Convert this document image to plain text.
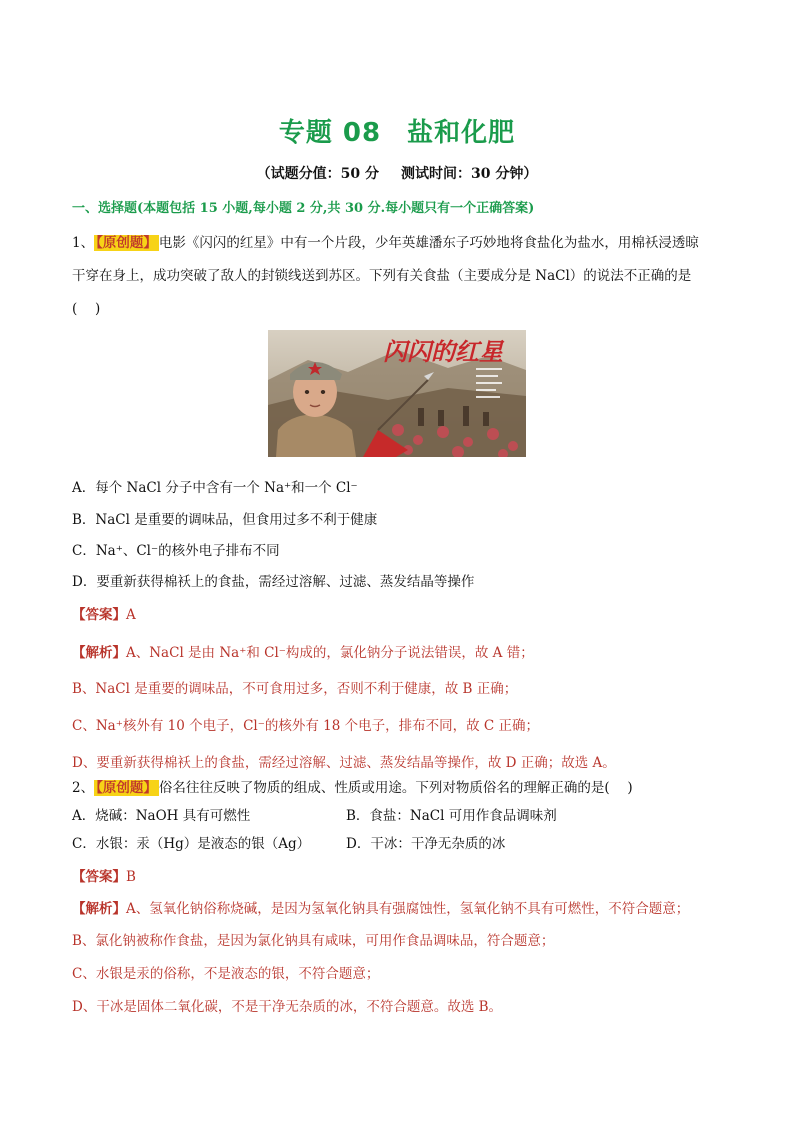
专题 08 盐和化肥
（试题分值：50 分 测试时间：30 分钟）
一、选择题(本题包括 15 小题,每小题 2 分,共 30 分.每小题只有一个正确答案)
1、 【原创题】 电影《闪闪的红星》中有一个片段，少年英雄潘东子巧妙地将食盐化为盐水，用棉袄浸透晾
干穿在身上，成功突破了敌人的封锁线送到苏区。下列有关食盐（主要成分是 NaCl）的说法不正确的是
(　 )
闪闪的红星
A．每个 NaCl 分子中含有一个 Na⁺和一个 Cl⁻
B．NaCl 是重要的调味品，但食用过多不利于健康
C．Na⁺、Cl⁻的核外电子排布不同
D．要重新获得棉袄上的食盐，需经过溶解、过滤、蒸发结晶等操作
【答案】A
【解析】A、NaCl 是由 Na⁺和 Cl⁻构成的，氯化钠分子说法错误，故 A 错；
B、NaCl 是重要的调味品，不可食用过多，否则不利于健康，故 B 正确；
C、Na⁺核外有 10 个电子，Cl⁻的核外有 18 个电子，排布不同，故 C 正确；
D、要重新获得棉袄上的食盐，需经过溶解、过滤、蒸发结晶等操作，故 D 正确；故选 A。
2、 【原创题】 俗名往往反映了物质的组成、性质或用途。下列对物质俗名的理解正确的是(　 )
A．烧碱：NaOH 具有可燃性	B．食盐：NaCl 可用作食品调味剂
C．水银：汞（Hg）是液态的银（Ag）	D．干冰：干净无杂质的冰
【答案】B
【解析】A、氢氧化钠俗称烧碱，是因为氢氧化钠具有强腐蚀性，氢氧化钠不具有可燃性，不符合题意；
B、氯化钠被称作食盐，是因为氯化钠具有咸味，可用作食品调味品，符合题意；
C、水银是汞的俗称，不是液态的银，不符合题意；
D、干冰是固体二氧化碳，不是干净无杂质的冰，不符合题意。故选 B。
